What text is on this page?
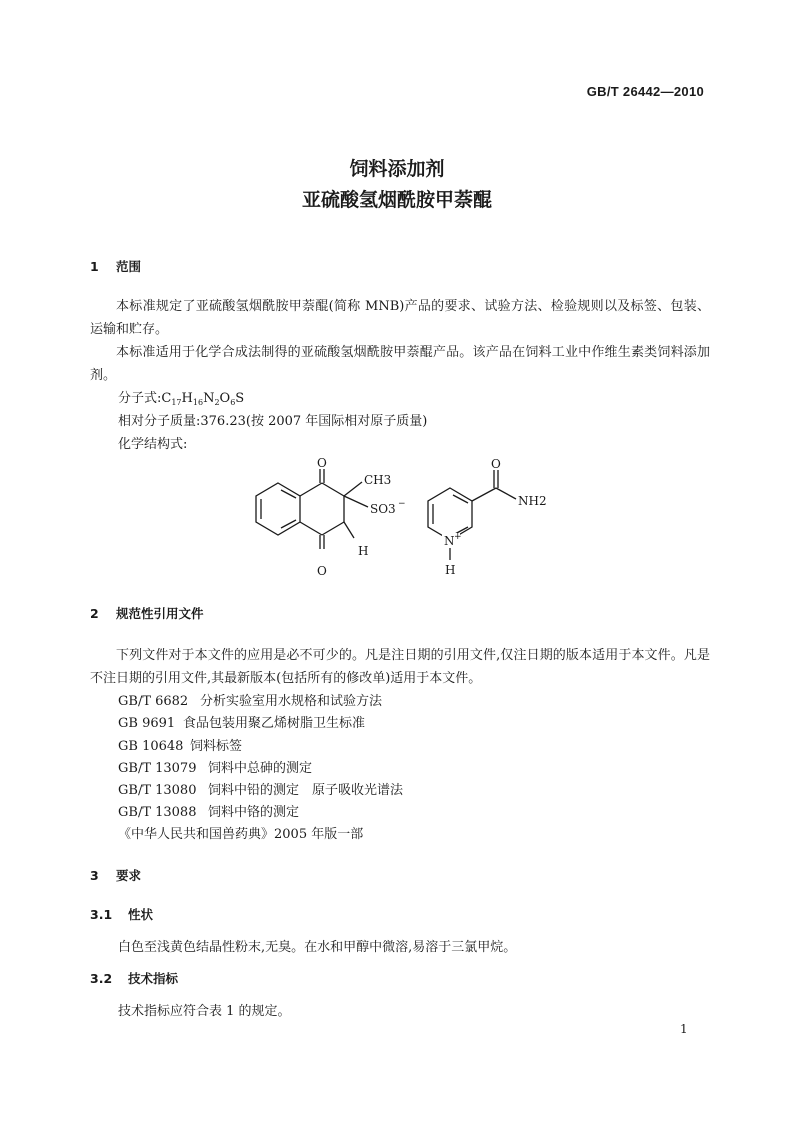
GB/T 26442—2010
饲料添加剂
亚硫酸氢烟酰胺甲萘醌
1 范围

本标准规定了亚硫酸氢烟酰胺甲萘醌(简称 MNB)产品的要求、试验方法、检验规则以及标签、包装、运输和贮存。

本标准适用于化学合成法制得的亚硫酸氢烟酰胺甲萘醌产品。该产品在饲料工业中作维生素类饲料添加剂。

分子式$:C_{17}H_{16}N_2O_6S$
相对分子质量:376.23(按 2007 年国际相对原子质量)
化学结构式:
O
O
CH3
SO3 −
H
O
NH2
N +
H
2 规范性引用文件

下列文件对于本文件的应用是必不可少的。凡是注日期的引用文件,仅注日期的版本适用于本文件。凡是不注日期的引用文件,其最新版本(包括所有的修改单)适用于本文件。

GB/T 6682 分析实验室用水规格和试验方法
GB 9691 食品包装用聚乙烯树脂卫生标准
GB 10648 饲料标签
GB/T 13079 饲料中总砷的测定
GB/T 13080 饲料中铅的测定　原子吸收光谱法
GB/T 13088 饲料中铬的测定
《中华人民共和国兽药典》2005 年版一部
3 要求
3.1 性状
白色至浅黄色结晶性粉末,无臭。在水和甲醇中微溶,易溶于三氯甲烷。
3.2 技术指标
技术指标应符合表 1 的规定。
1
